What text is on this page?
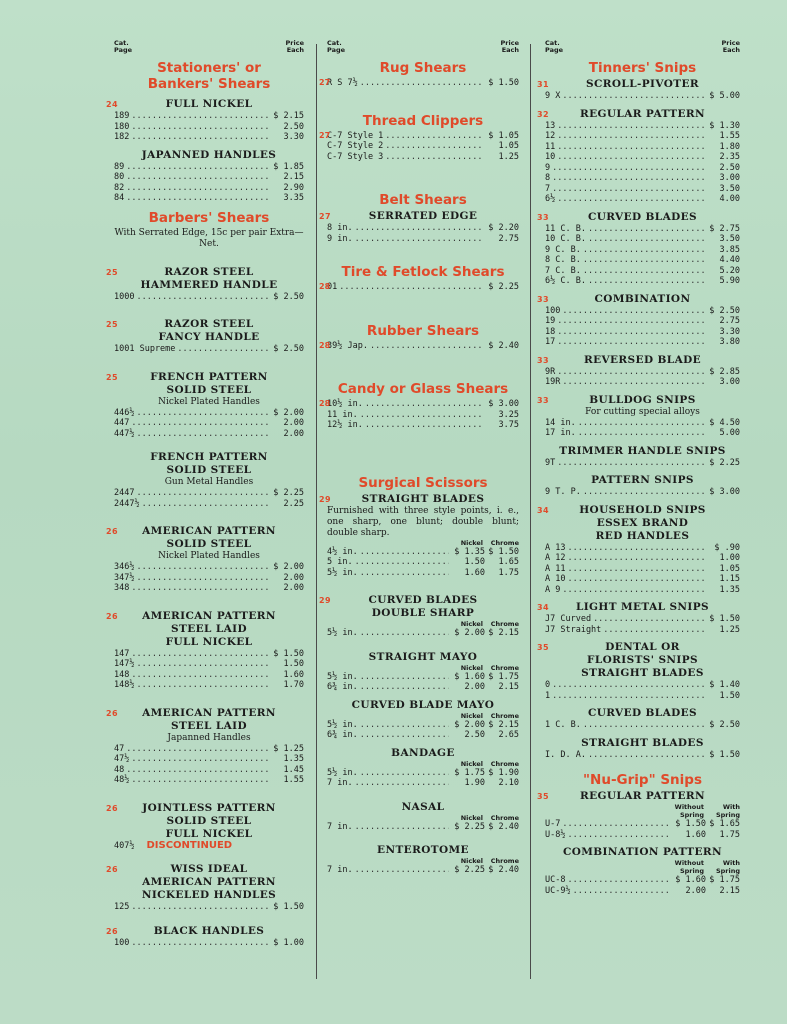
Cat.
Page
Price
Each
Stationers' or
Bankers' Shears
24	FULL NICKEL
189 .....	$ 2.15
180 .....	2.50
182 .....	3.30
JAPANNED HANDLES
89 .....	$ 1.85
80 .....	2.15
82 .....	2.90
84 .....	3.35
Barbers' Shears
With Serrated Edge, 15c per pair Extra—Net.
25	RAZOR STEEL
HAMMERED HANDLE
1000 .....	$ 2.50
25	RAZOR STEEL
FANCY HANDLE
1001 Supreme .....	$ 2.50
25	FRENCH PATTERN
SOLID STEEL
Nickel Plated Handles
446½ .....	$ 2.00
447 .....	2.00
447½ .....	2.00
FRENCH PATTERN
SOLID STEEL
Gun Metal Handles
2447 .....	$ 2.25
2447½ .....	2.25
26 AMERICAN PATTERN
SOLID STEEL
Nickel Plated Handles
346½ .....	$ 2.00
347½ .....	2.00
348 .....	2.00
26 AMERICAN PATTERN
STEEL LAID
FULL NICKEL
147 .....	$ 1.50
147½ .....	1.50
148 .....	1.60
148½ .....	1.70
26 AMERICAN PATTERN
STEEL LAID
Japanned Handles
47 .....	$ 1.25
47½ .....	1.35
48 .....	1.45
48½ .....	1.55
26 JOINTLESS PATTERN
SOLID STEEL
FULL NICKEL
407½ DISCONTINUED
26	WISS IDEAL
AMERICAN PATTERN
NICKELED HANDLES
125 .....	$ 1.50
26	BLACK HANDLES
100 .....	$ 1.00
Cat.
Page
Price
Each
Rug Shears
27
R S 7½ .....	$ 1.50
Thread Clippers
27
C-7 Style 1 .....	$ 1.05
C-7 Style 2 .....	1.05
C-7 Style 3 .....	1.25
Belt Shears
27	SERRATED EDGE
8 in. .....	$ 2.20
9 in. .....	2.75
Tire & Fetlock Shears
28
01 .....	$ 2.25
Rubber Shears
28
39½ Jap. .....	$ 2.40
Candy or Glass Shears
28
10½ in. .....	$ 3.00
11 in. .....	3.25
12½ in. .....	3.75
Surgical Scissors
29	STRAIGHT BLADES
Furnished with three style points, i. e., one sharp, one blunt; double blunt; double sharp.
Nickel	Chrome
4½ in. .....	$ 1.35 $ 1.50
5 in. .....	1.50	1.65
5½ in. .....	1.60	1.75
29	CURVED BLADES
DOUBLE SHARP
Nickel	Chrome
5½ in. .....	$ 2.00 $ 2.15
STRAIGHT MAYO
Nickel	Chrome
5½ in. .....	$ 1.60 $ 1.75
6¾ in. .....	2.00	2.15
CURVED BLADE MAYO
Nickel	Chrome
5½ in. .....	$ 2.00 $ 2.15
6¾ in. .....	2.50	2.65
BANDAGE
Nickel	Chrome
5½ in. .....	$ 1.75 $ 1.90
7 in. .....	1.90	2.10
NASAL
Nickel	Chrome
7 in. .....	$ 2.25 $ 2.40
ENTEROTOME
Nickel	Chrome
7 in. .....	$ 2.25 $ 2.40
Cat.
Page
Price
Each
Tinners' Snips
31	SCROLL-PIVOTER
9 X .....	$ 5.00
32	REGULAR PATTERN
13 .....	$ 1.30
12 .....	1.55
11 .....	1.80
10 .....	2.35
9 .....	2.50
8 .....	3.00
7 .....	3.50
6½ .....	4.00
33	CURVED BLADES
11 C. B. .....	$ 2.75
10 C. B. .....	3.50
9 C. B. .....	3.85
8 C. B. .....	4.40
7 C. B. .....	5.20
6½ C. B. .....	5.90
33	COMBINATION
100 .....	$ 2.50
19 .....	2.75
18 .....	3.30
17 .....	3.80
33	REVERSED BLADE
9R .....	$ 2.85
19R .....	3.00
33	BULLDOG SNIPS
For cutting special alloys
14 in. .....	$ 4.50
17 in. .....	5.00
TRIMMER HANDLE SNIPS
9T .....	$ 2.25
PATTERN SNIPS
9 T. P. .....	$ 3.00
34	HOUSEHOLD SNIPS
ESSEX BRAND
RED HANDLES
A 13 .....	$ .90
A 12 .....	1.00
A 11 .....	1.05
A 10 .....	1.15
A 9 .....	1.35
34	LIGHT METAL SNIPS
J7 Curved .....	$ 1.50
J7 Straight .....	1.25
35	DENTAL OR
FLORISTS' SNIPS
STRAIGHT BLADES
0 .....	$ 1.40
1 .....	1.50
CURVED BLADES
1 C. B. .....	$ 2.50
STRAIGHT BLADES
I. D. A. .....	$ 1.50
"Nu-Grip" Snips
35	REGULAR PATTERN
Without	With
Spring	Spring
U-7 .....	$ 1.50 $ 1.65
U-8½ .....	1.60	1.75
COMBINATION PATTERN
Without	With
Spring	Spring
UC-8 .....	$ 1.60 $ 1.75
UC-9½ .....	2.00	2.15
